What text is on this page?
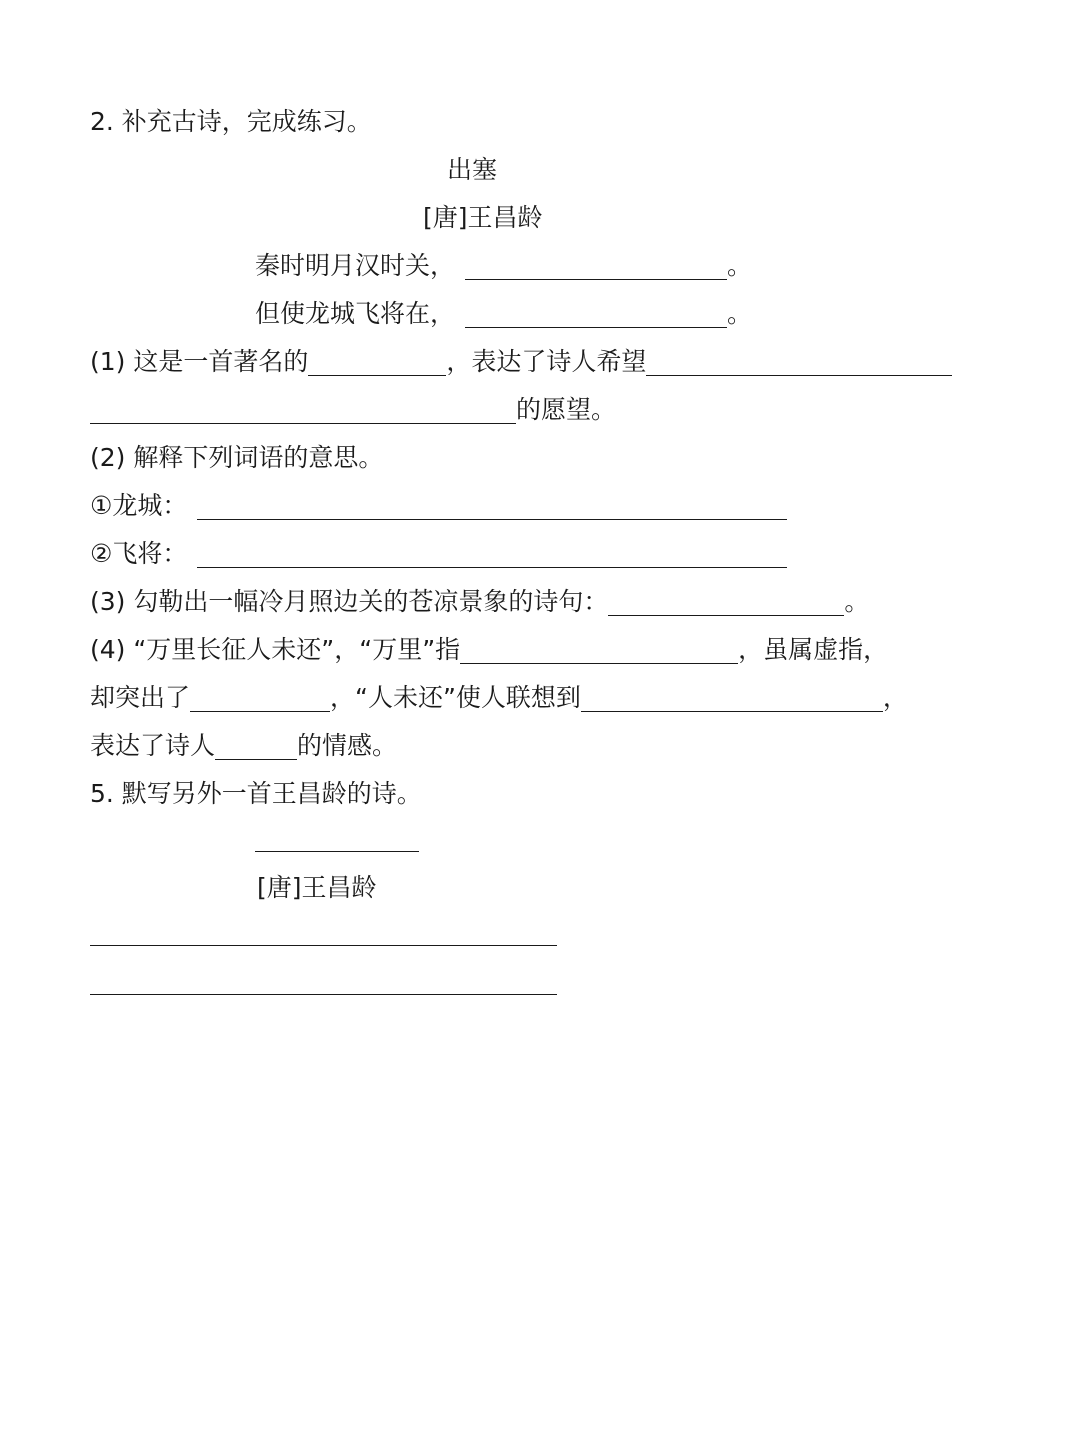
2. 补充古诗，完成练习。
出塞
[唐]王昌龄
秦时明月汉时关，	。
但使龙城飞将在，	。
(1) 这是一首著名的	，表达了诗人希望
的愿望。
(2) 解释下列词语的意思。
①龙城：
②飞将：
(3) 勾勒出一幅冷月照边关的苍凉景象的诗句：	。
(4) “万里长征人未还”，“万里”指	，虽属虚指，
却突出了	，“人未还”使人联想到	，
表达了诗人	的情感。
5. 默写另外一首王昌龄的诗。
[唐]王昌龄
